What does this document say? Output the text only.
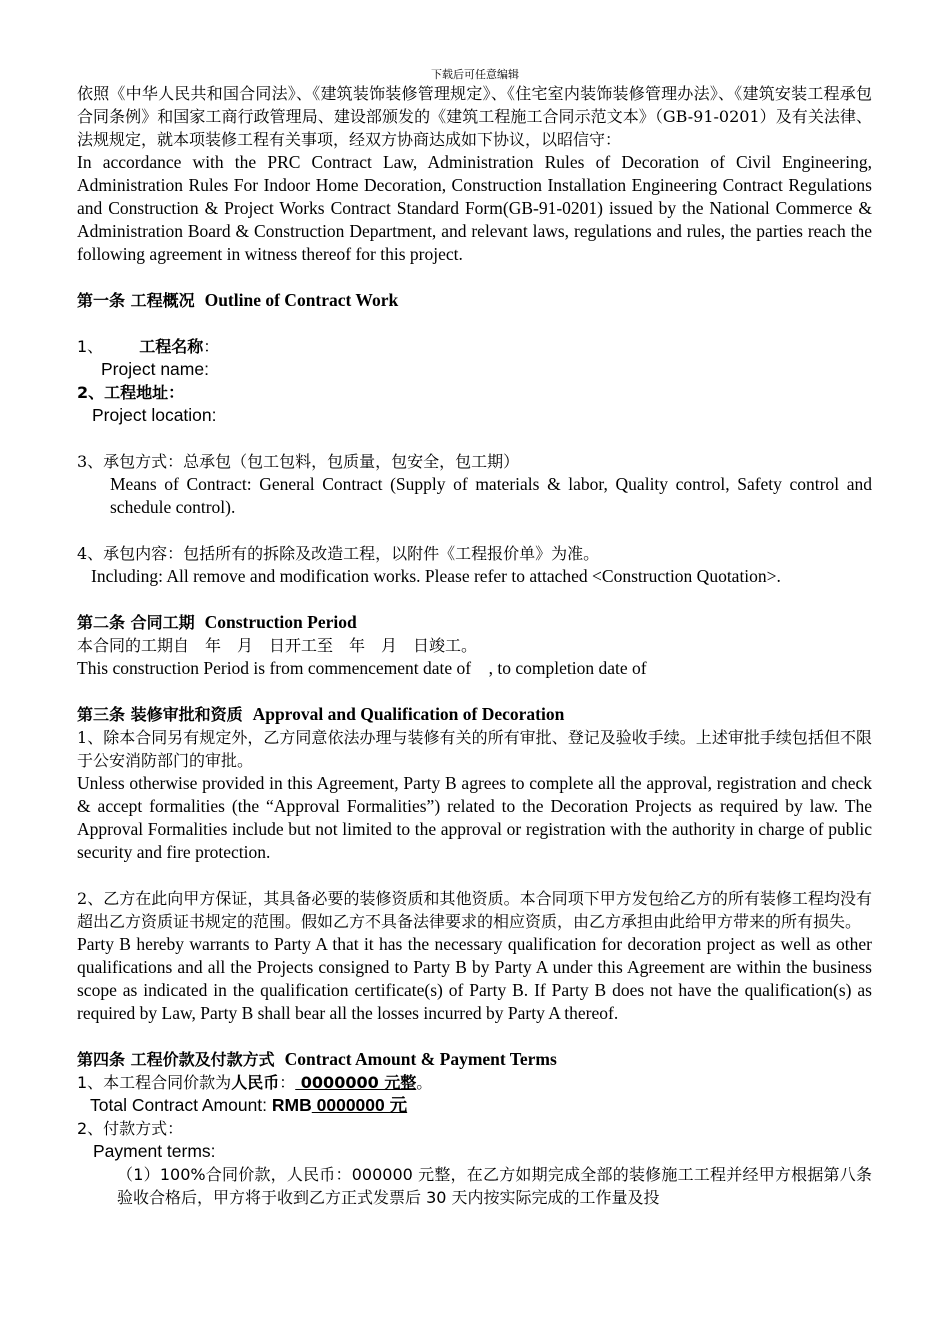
下载后可任意编辑

依照《中华人民共和国合同法》、《建筑装饰装修管理规定》、《住宅室内装饰装修管理办法》、《建筑安装工程承包合同条例》和国家工商行政管理局、建设部颁发的《建筑工程施工合同示范文本》（GB-91-0201）及有关法律、法规规定，就本项装修工程有关事项，经双方协商达成如下协议，以昭信守：

In accordance with the PRC Contract Law, Administration Rules of Decoration of Civil Engineering, Administration Rules For Indoor Home Decoration, Construction Installation Engineering Contract Regulations and Construction & Project Works Contract Standard Form(GB-91-0201) issued by the National Commerce & Administration Board & Construction Department, and relevant laws, regulations and rules, the parties reach the following agreement in witness thereof for this project.

第一条 工程概况 Outline of Contract Work

1、 工程名称：

Project name:

2、工程地址：

Project location:

3、承包方式：总承包（包工包料，包质量，包安全，包工期）

Means of Contract: General Contract (Supply of materials & labor, Quality control, Safety control and schedule control).

4、承包内容：包括所有的拆除及改造工程，以附件《工程报价单》为准。

Including: All remove and modification works. Please refer to attached <Construction Quotation>.

第二条 合同工期 Construction Period

本合同的工期自　年　月　日开工至　年　月　日竣工。

This construction Period is from commencement date of　, to completion date of

第三条 装修审批和资质 Approval and Qualification of Decoration

1、除本合同另有规定外，乙方同意依法办理与装修有关的所有审批、登记及验收手续。上述审批手续包括但不限于公安消防部门的审批。

Unless otherwise provided in this Agreement, Party B agrees to complete all the approval, registration and check & accept formalities (the “Approval Formalities”) related to the Decoration Projects as required by law. The Approval Formalities include but not limited to the approval or registration with the authority in charge of public security and fire protection.

2、乙方在此向甲方保证，其具备必要的装修资质和其他资质。本合同项下甲方发包给乙方的所有装修工程均没有超出乙方资质证书规定的范围。假如乙方不具备法律要求的相应资质，由乙方承担由此给甲方带来的所有损失。

Party B hereby warrants to Party A that it has the necessary qualification for decoration project as well as other qualifications and all the Projects consigned to Party B by Party A under this Agreement are within the business scope as indicated in the qualification certificate(s) of Party B. If Party B does not have the qualification(s) as required by Law, Party B shall bear all the losses incurred by Party A thereof.

第四条 工程价款及付款方式 Contract Amount & Payment Terms

1、本工程合同价款为人民币： 0000000 元整。

Total Contract Amount: RMB 0000000 元

2、付款方式：

Payment terms:

（1）100%合同价款，人民币：000000 元整，在乙方如期完成全部的装修施工工程并经甲方根据第八条验收合格后，甲方将于收到乙方正式发票后 30 天内按实际完成的工作量及投
